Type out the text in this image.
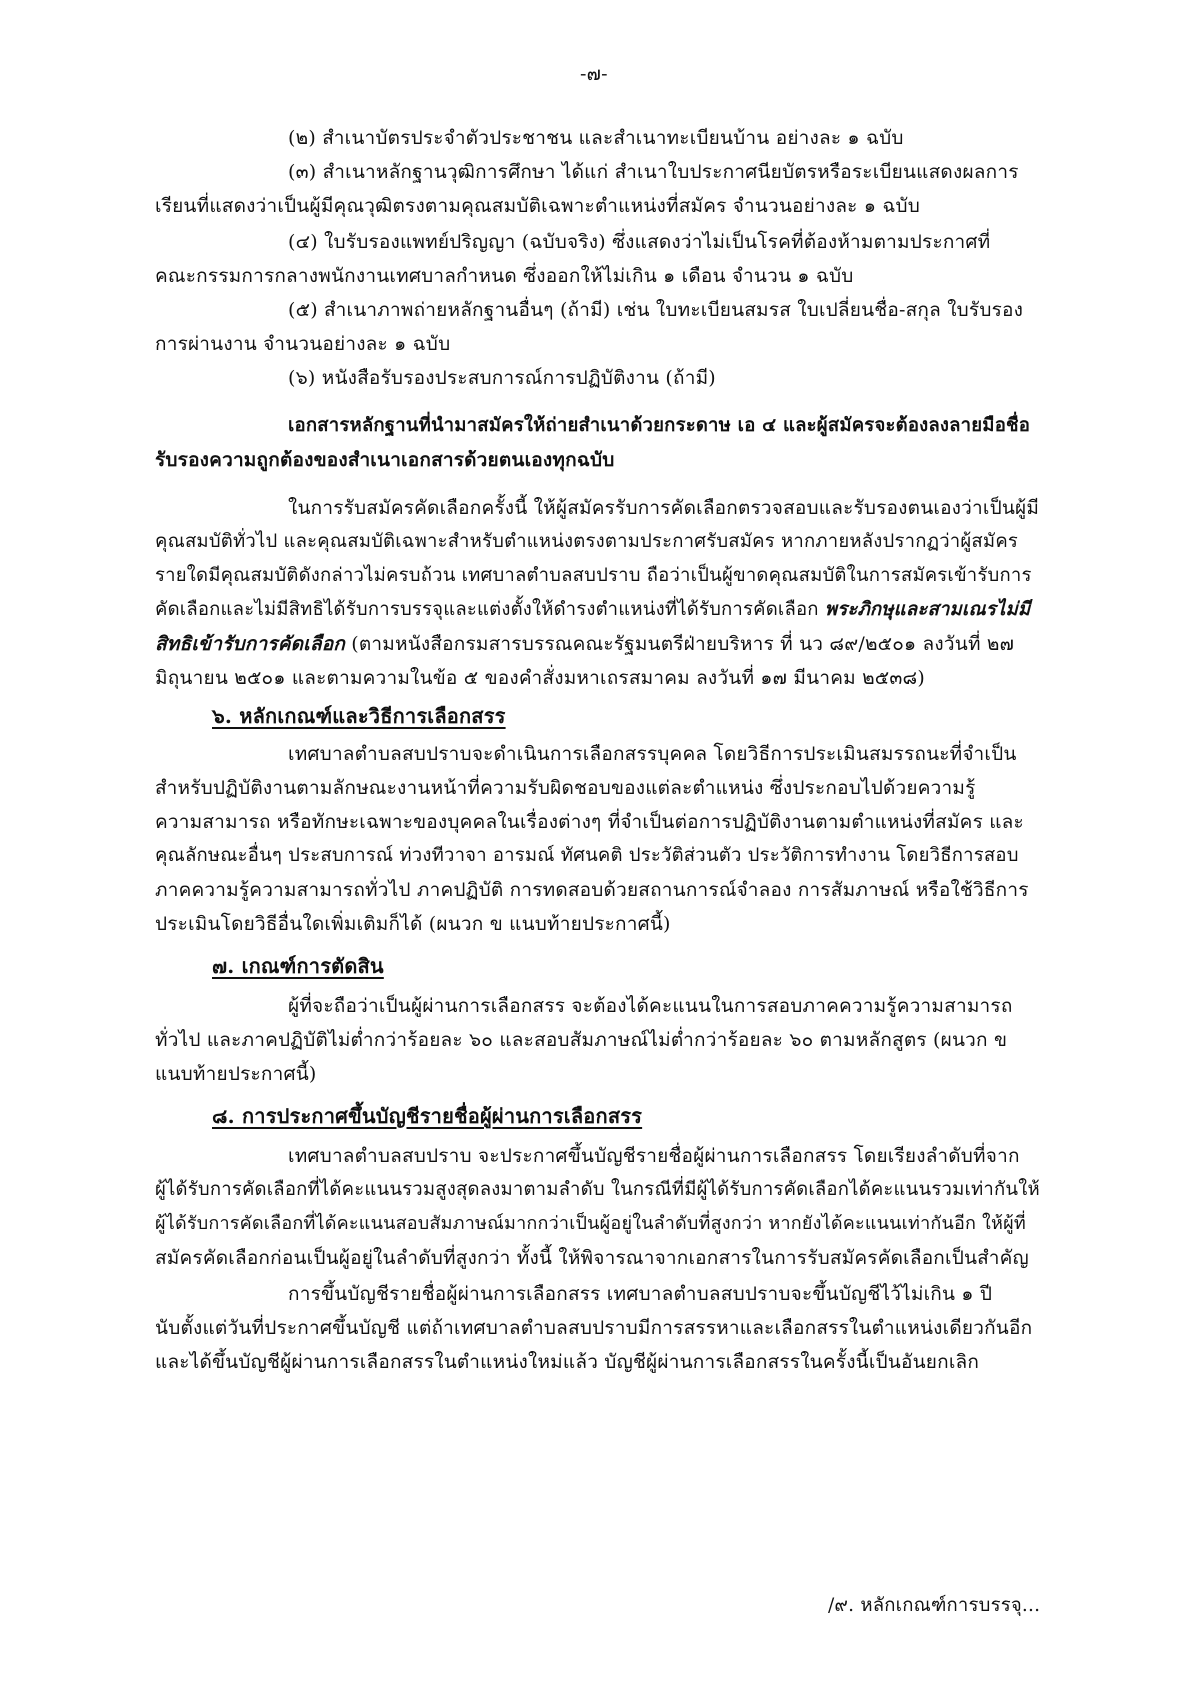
-๗-
(๒) สำเนาบัตรประจำตัวประชาชน และสำเนาทะเบียนบ้าน อย่างละ ๑ ฉบับ
(๓) สำเนาหลักฐานวุฒิการศึกษา ได้แก่ สำเนาใบประกาศนียบัตรหรือระเบียนแสดงผลการ
เรียนที่แสดงว่าเป็นผู้มีคุณวุฒิตรงตามคุณสมบัติเฉพาะตำแหน่งที่สมัคร จำนวนอย่างละ ๑ ฉบับ
(๔) ใบรับรองแพทย์ปริญญา (ฉบับจริง) ซึ่งแสดงว่าไม่เป็นโรคที่ต้องห้ามตามประกาศที่
คณะกรรมการกลางพนักงานเทศบาลกำหนด ซึ่งออกให้ไม่เกิน ๑ เดือน จำนวน ๑ ฉบับ
(๕) สำเนาภาพถ่ายหลักฐานอื่นๆ (ถ้ามี) เช่น ใบทะเบียนสมรส ใบเปลี่ยนชื่อ-สกุล ใบรับรอง
การผ่านงาน จำนวนอย่างละ ๑ ฉบับ
(๖) หนังสือรับรองประสบการณ์การปฏิบัติงาน (ถ้ามี)
เอกสารหลักฐานที่นำมาสมัครให้ถ่ายสำเนาด้วยกระดาษ เอ ๔ และผู้สมัครจะต้องลงลายมือชื่อ
รับรองความถูกต้องของสำเนาเอกสารด้วยตนเองทุกฉบับ
ในการรับสมัครคัดเลือกครั้งนี้ ให้ผู้สมัครรับการคัดเลือกตรวจสอบและรับรองตนเองว่าเป็นผู้มี
คุณสมบัติทั่วไป และคุณสมบัติเฉพาะสำหรับตำแหน่งตรงตามประกาศรับสมัคร หากภายหลังปรากฏว่าผู้สมัคร
รายใดมีคุณสมบัติดังกล่าวไม่ครบถ้วน เทศบาลตำบลสบปราบ ถือว่าเป็นผู้ขาดคุณสมบัติในการสมัครเข้ารับการ
คัดเลือกและไม่มีสิทธิได้รับการบรรจุและแต่งตั้งให้ดำรงตำแหน่งที่ได้รับการคัดเลือก พระภิกษุและสามเณรไม่มี
สิทธิเข้ารับการคัดเลือก (ตามหนังสือกรมสารบรรณคณะรัฐมนตรีฝ่ายบริหาร ที่ นว ๘๙/๒๕๐๑ ลงวันที่ ๒๗
มิถุนายน ๒๕๐๑ และตามความในข้อ ๕ ของคำสั่งมหาเถรสมาคม ลงวันที่ ๑๗ มีนาคม ๒๕๓๘)
๖. หลักเกณฑ์และวิธีการเลือกสรร
เทศบาลตำบลสบปราบจะดำเนินการเลือกสรรบุคคล โดยวิธีการประเมินสมรรถนะที่จำเป็น
สำหรับปฏิบัติงานตามลักษณะงานหน้าที่ความรับผิดชอบของแต่ละตำแหน่ง ซึ่งประกอบไปด้วยความรู้
ความสามารถ หรือทักษะเฉพาะของบุคคลในเรื่องต่างๆ ที่จำเป็นต่อการปฏิบัติงานตามตำแหน่งที่สมัคร และ
คุณลักษณะอื่นๆ ประสบการณ์ ท่วงทีวาจา อารมณ์ ทัศนคติ ประวัติส่วนตัว ประวัติการทำงาน โดยวิธีการสอบ
ภาคความรู้ความสามารถทั่วไป ภาคปฏิบัติ การทดสอบด้วยสถานการณ์จำลอง การสัมภาษณ์ หรือใช้วิธีการ
ประเมินโดยวิธีอื่นใดเพิ่มเติมก็ได้ (ผนวก ข แนบท้ายประกาศนี้)
๗. เกณฑ์การตัดสิน
ผู้ที่จะถือว่าเป็นผู้ผ่านการเลือกสรร จะต้องได้คะแนนในการสอบภาคความรู้ความสามารถ
ทั่วไป และภาคปฏิบัติไม่ต่ำกว่าร้อยละ ๖๐ และสอบสัมภาษณ์ไม่ต่ำกว่าร้อยละ ๖๐ ตามหลักสูตร (ผนวก ข
แนบท้ายประกาศนี้)
๘. การประกาศขึ้นบัญชีรายชื่อผู้ผ่านการเลือกสรร
เทศบาลตำบลสบปราบ จะประกาศขึ้นบัญชีรายชื่อผู้ผ่านการเลือกสรร โดยเรียงลำดับที่จาก
ผู้ได้รับการคัดเลือกที่ได้คะแนนรวมสูงสุดลงมาตามลำดับ ในกรณีที่มีผู้ได้รับการคัดเลือกได้คะแนนรวมเท่ากันให้
ผู้ได้รับการคัดเลือกที่ได้คะแนนสอบสัมภาษณ์มากกว่าเป็นผู้อยู่ในลำดับที่สูงกว่า หากยังได้คะแนนเท่ากันอีก ให้ผู้ที่
สมัครคัดเลือกก่อนเป็นผู้อยู่ในลำดับที่สูงกว่า ทั้งนี้ ให้พิจารณาจากเอกสารในการรับสมัครคัดเลือกเป็นสำคัญ
การขึ้นบัญชีรายชื่อผู้ผ่านการเลือกสรร เทศบาลตำบลสบปราบจะขึ้นบัญชีไว้ไม่เกิน ๑ ปี
นับตั้งแต่วันที่ประกาศขึ้นบัญชี แต่ถ้าเทศบาลตำบลสบปราบมีการสรรหาและเลือกสรรในตำแหน่งเดียวกันอีก
และได้ขึ้นบัญชีผู้ผ่านการเลือกสรรในตำแหน่งใหม่แล้ว บัญชีผู้ผ่านการเลือกสรรในครั้งนี้เป็นอันยกเลิก
/๙. หลักเกณฑ์การบรรจุ...
